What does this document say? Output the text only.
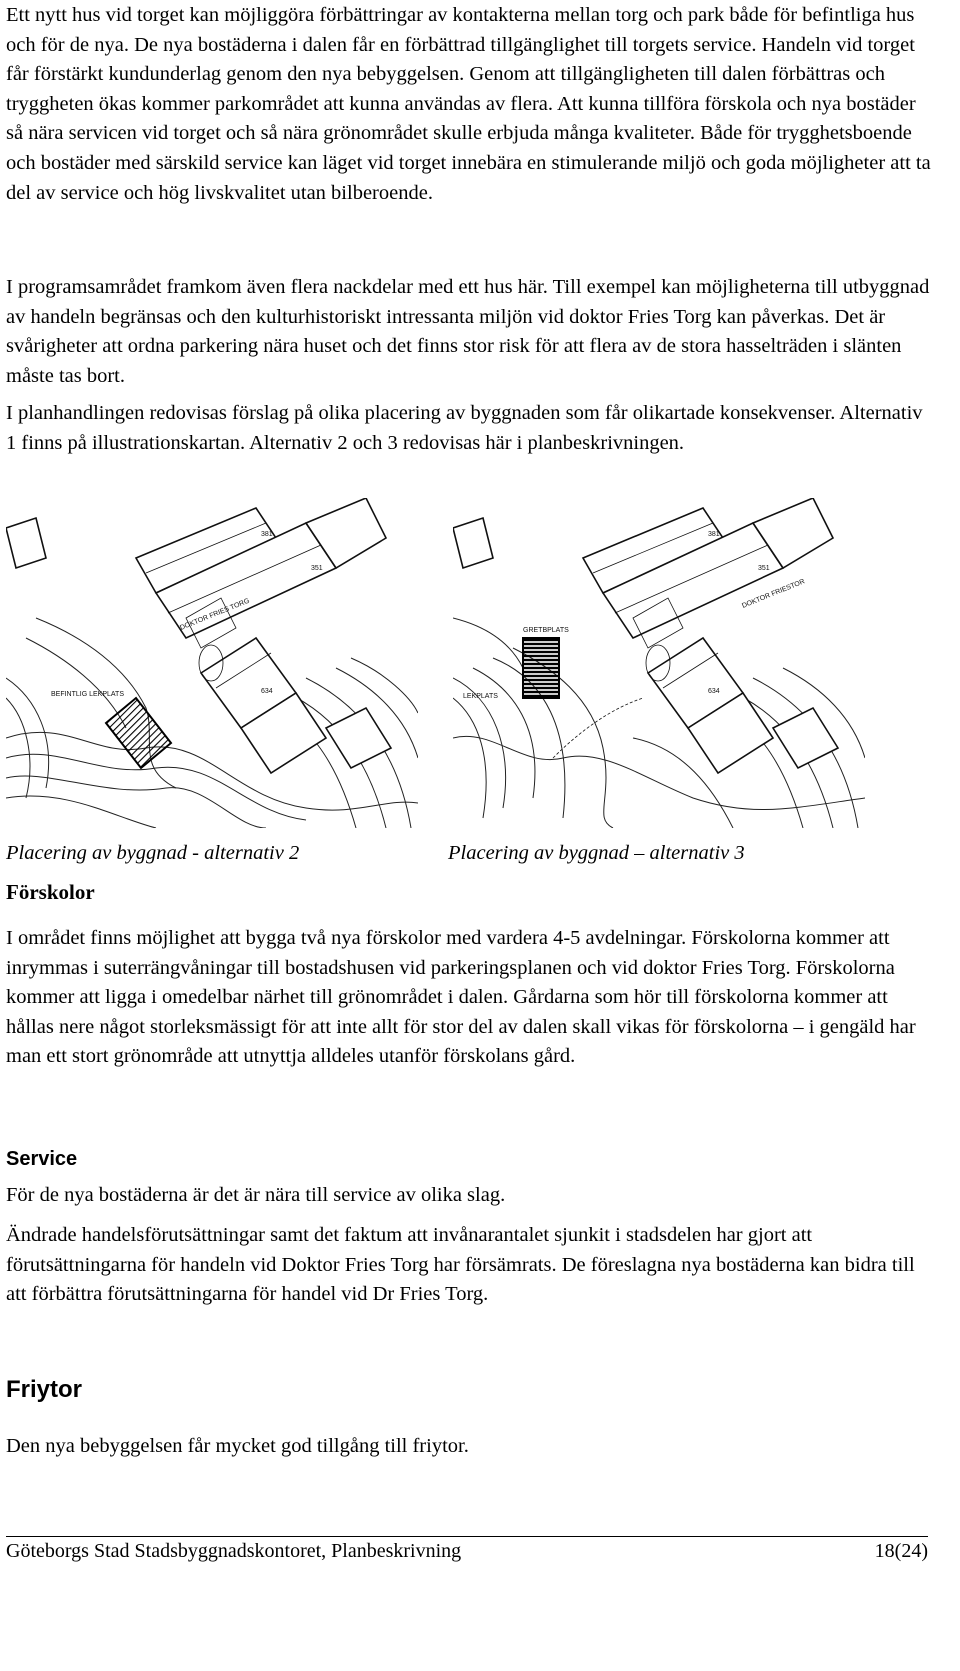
Ett nytt hus vid torget kan möjliggöra förbättringar av kontakterna mellan torg och park både för befintliga hus och för de nya. De nya bostäderna i dalen får en förbättrad tillgänglighet till torgets service. Handeln vid torget får förstärkt kundunderlag genom den nya bebyggelsen. Genom att tillgängligheten till dalen förbättras och tryggheten ökas kommer parkområdet att kunna användas av flera. Att kunna tillföra förskola och nya bostäder så nära servicen vid torget och så nära grönområdet skulle erbjuda många kvaliteter. Både för trygghetsboende och bostäder med särskild service kan läget vid torget innebära en stimulerande miljö och goda möjligheter att ta del av service och hög livskvalitet utan bilberoende.

I programsamrådet framkom även flera nackdelar med ett hus här. Till exempel kan möjligheterna till utbyggnad av handeln begränsas och den kulturhistoriskt intressanta miljön vid doktor Fries Torg kan påverkas. Det är svårigheter att ordna parkering nära huset och det finns stor risk för att flera av de stora hasselträden i slänten måste tas bort.

I planhandlingen redovisas förslag på olika placering av byggnaden som får olikartade konsekvenser. Alternativ 1 finns på illustrationskartan. Alternativ 2 och 3 redovisas här i planbeskrivningen.

381
351
634
DOKTOR FRIES TORG
BEFINTLIG LEKPLATS
381
351
634
DOKTOR FRIESTOR
GRETBPLATS
LEKPLATS
Placering av byggnad - alternativ 2	Placering av byggnad – alternativ 3
Förskolor

I området finns möjlighet att bygga två nya förskolor med vardera 4-5 avdelningar. Förskolorna kommer att inrymmas i suterrängvåningar till bostadshusen vid parkeringsplanen och vid doktor Fries Torg. Förskolorna kommer att ligga i omedelbar närhet till grönområdet i dalen. Gårdarna som hör till förskolorna kommer att hållas nere något storleksmässigt för att inte allt för stor del av dalen skall vikas för förskolorna – i gengäld har man ett stort grönområde att utnyttja alldeles utanför förskolans gård.

Service

För de nya bostäderna är det är nära till service av olika slag.

Ändrade handelsförutsättningar samt det faktum att invånarantalet sjunkit i stadsdelen har gjort att förutsättningarna för handeln vid Doktor Fries Torg har försämrats. De föreslagna nya bostäderna kan bidra till att förbättra förutsättningarna för handel vid Dr Fries Torg.

Friytor

Den nya bebyggelsen får mycket god tillgång till friytor.

Göteborgs Stad Stadsbyggnadskontoret, Planbeskrivning	18(24)
